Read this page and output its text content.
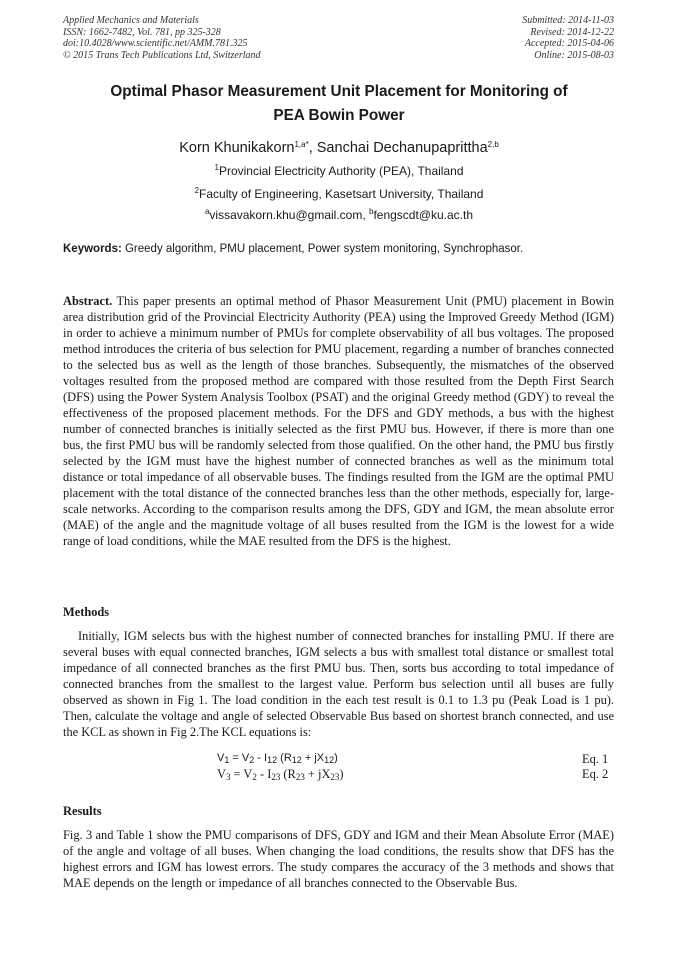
Applied Mechanics and Materials
ISSN: 1662-7482, Vol. 781, pp 325-328
doi:10.4028/www.scientific.net/AMM.781.325
© 2015 Trans Tech Publications Ltd, Switzerland
Submitted: 2014-11-03
Revised: 2014-12-22
Accepted: 2015-04-06
Online: 2015-08-03
Optimal Phasor Measurement Unit Placement for Monitoring of
PEA Bowin Power
Korn Khunikakorn$^{1,a*}$, Sanchai Dechanupaprittha$^{2,b}$
$^1$Provincial Electricity Authority (PEA), Thailand
$^2$Faculty of Engineering, Kasetsart University, Thailand
$^a$vissavakorn.khu@gmail.com, $^b$fengscdt@ku.ac.th
Keywords: Greedy algorithm, PMU placement, Power system monitoring, Synchrophasor.
Abstract. This paper presents an optimal method of Phasor Measurement Unit (PMU) placement in Bowin area distribution grid of the Provincial Electricity Authority (PEA) using the Improved Greedy Method (IGM) in order to achieve a minimum number of PMUs for complete observability of all bus voltages. The proposed method introduces the criteria of bus selection for PMU placement, regarding a number of branches connected to the selected bus as well as the length of those branches. Subsequently, the mismatches of the observed voltages resulted from the proposed method are compared with those resulted from the Depth First Search (DFS) using the Power System Analysis Toolbox (PSAT) and the original Greedy method (GDY) to reveal the effectiveness of the proposed placement methods. For the DFS and GDY methods, a bus with the highest number of connected branches is initially selected as the first PMU bus. However, if there is more than one bus, the first PMU bus will be randomly selected from those qualified. On the other hand, the PMU bus firstly selected by the IGM must have the highest number of connected branches as well as the minimum total distance or total impedance of all observable buses. The findings resulted from the IGM are the optimal PMU placement with the total distance of the connected branches less than the other methods, especially for, large-scale networks. According to the comparison results among the DFS, GDY and IGM, the mean absolute error (MAE) of the angle and the magnitude voltage of all buses resulted from the IGM is the lowest for a wide range of load conditions, while the MAE resulted from the DFS is the highest.
Methods
Initially, IGM selects bus with the highest number of connected branches for installing PMU. If there are several buses with equal connected branches, IGM selects a bus with smallest total distance or smallest total impedance of all connected branches as the first PMU bus. Then, sorts bus according to total impedance of connected branches from the smallest to the largest value. Perform bus selection until all buses are fully observed as shown in Fig 1. The load condition in the each test result is 0.1 to 1.3 pu (Peak Load is 1 pu). Then, calculate the voltage and angle of selected Observable Bus based on shortest branch connected, and use the KCL as shown in Fig 2.The KCL equations is:
$V_1 = V_2 - I_{12}$ $(R_{12} + jX_{12})$	Eq. 1
$V_3 = V_2 - I_{23}$ $(R_{23} + jX_{23})$	Eq. 2
Results
Fig. 3 and Table 1 show the PMU comparisons of DFS, GDY and IGM and their Mean Absolute Error (MAE) of the angle and voltage of all buses. When changing the load conditions, the results show that DFS has the highest errors and IGM has lowest errors. The study compares the accuracy of the 3 methods and shows that MAE depends on the length or impedance of all branches connected to the Observable Bus.
